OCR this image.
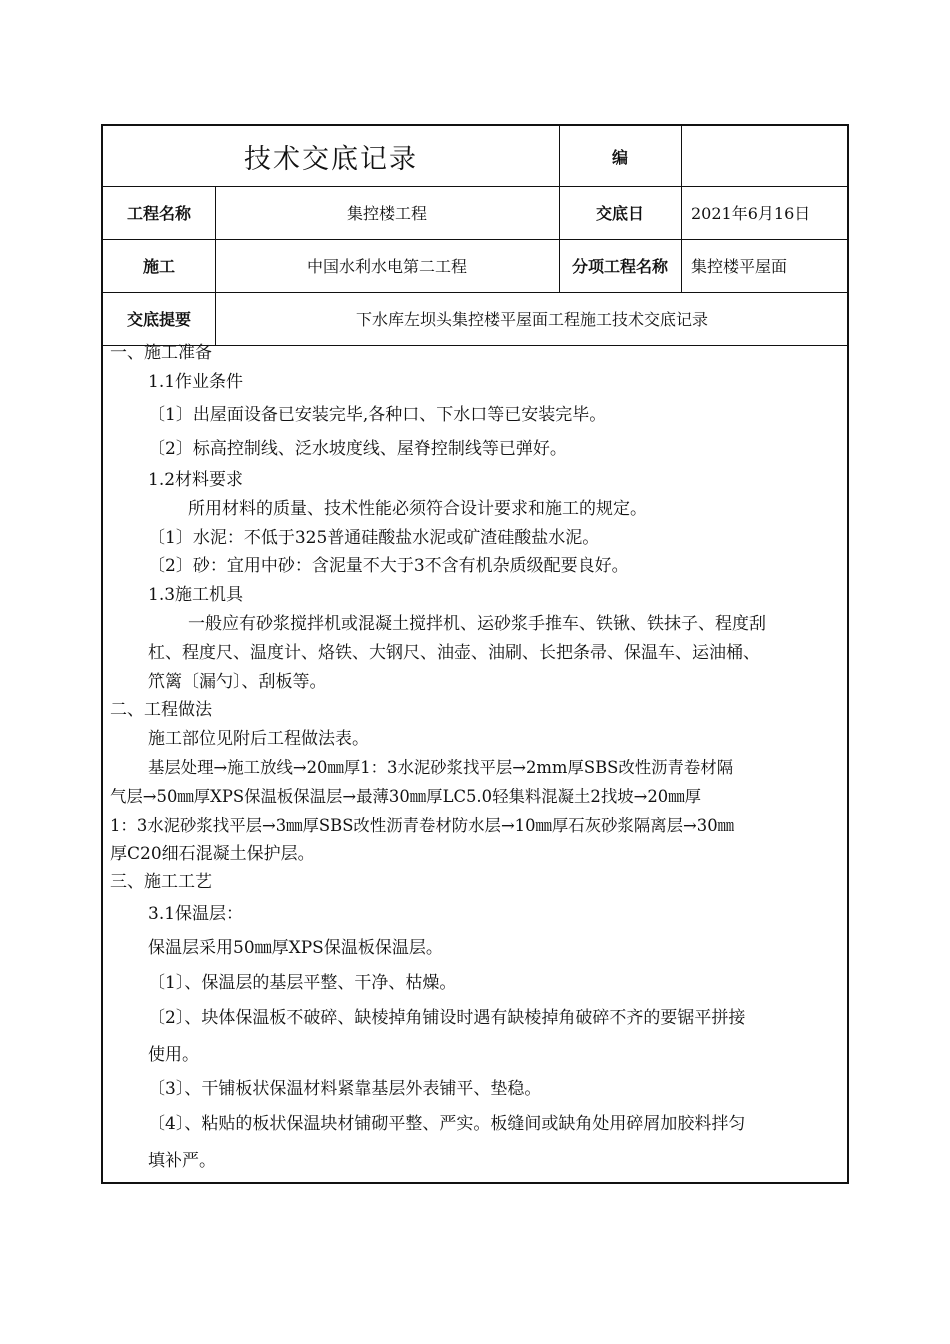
技术交底记录	编
工程名称	集控楼工程	交底日	2021年6月16日
施工	中国水利水电第二工程	分项工程名称	集控楼平屋面
交底提要	下水库左坝头集控楼平屋面工程施工技术交底记录
一、施工准备
1.1作业条件
〔1〕出屋面设备已安装完毕,各种口、下水口等已安装完毕。
〔2〕标高控制线、泛水坡度线、屋脊控制线等已弹好。
1.2材料要求
所用材料的质量、技术性能必须符合设计要求和施工的规定。
〔1〕水泥：不低于325普通硅酸盐水泥或矿渣硅酸盐水泥。
〔2〕砂：宜用中砂：含泥量不大于3不含有机杂质级配要良好。
1.3施工机具
一般应有砂浆搅拌机或混凝土搅拌机、运砂浆手推车、铁锹、铁抹子、程度刮
杠、程度尺、温度计、烙铁、大钢尺、油壶、油刷、长把条帚、保温车、运油桶、
笊篱〔漏勺〕、刮板等。
二、工程做法
施工部位见附后工程做法表。
基层处理→施工放线→20㎜厚1：3水泥砂浆找平层→2mm厚SBS改性沥青卷材隔
气层→50㎜厚XPS保温板保温层→最薄30㎜厚LC5.0轻集料混凝土2找坡→20㎜厚
1：3水泥砂浆找平层→3㎜厚SBS改性沥青卷材防水层→10㎜厚石灰砂浆隔离层→30㎜
厚C20细石混凝土保护层。
三、施工工艺
3.1保温层：
保温层采用50㎜厚XPS保温板保温层。
〔1〕、保温层的基层平整、干净、枯燥。
〔2〕、块体保温板不破碎、缺棱掉角铺设时遇有缺棱掉角破碎不齐的要锯平拼接
使用。
〔3〕、干铺板状保温材料紧靠基层外表铺平、垫稳。
〔4〕、粘贴的板状保温块材铺砌平整、严实。板缝间或缺角处用碎屑加胶料拌匀
填补严。
